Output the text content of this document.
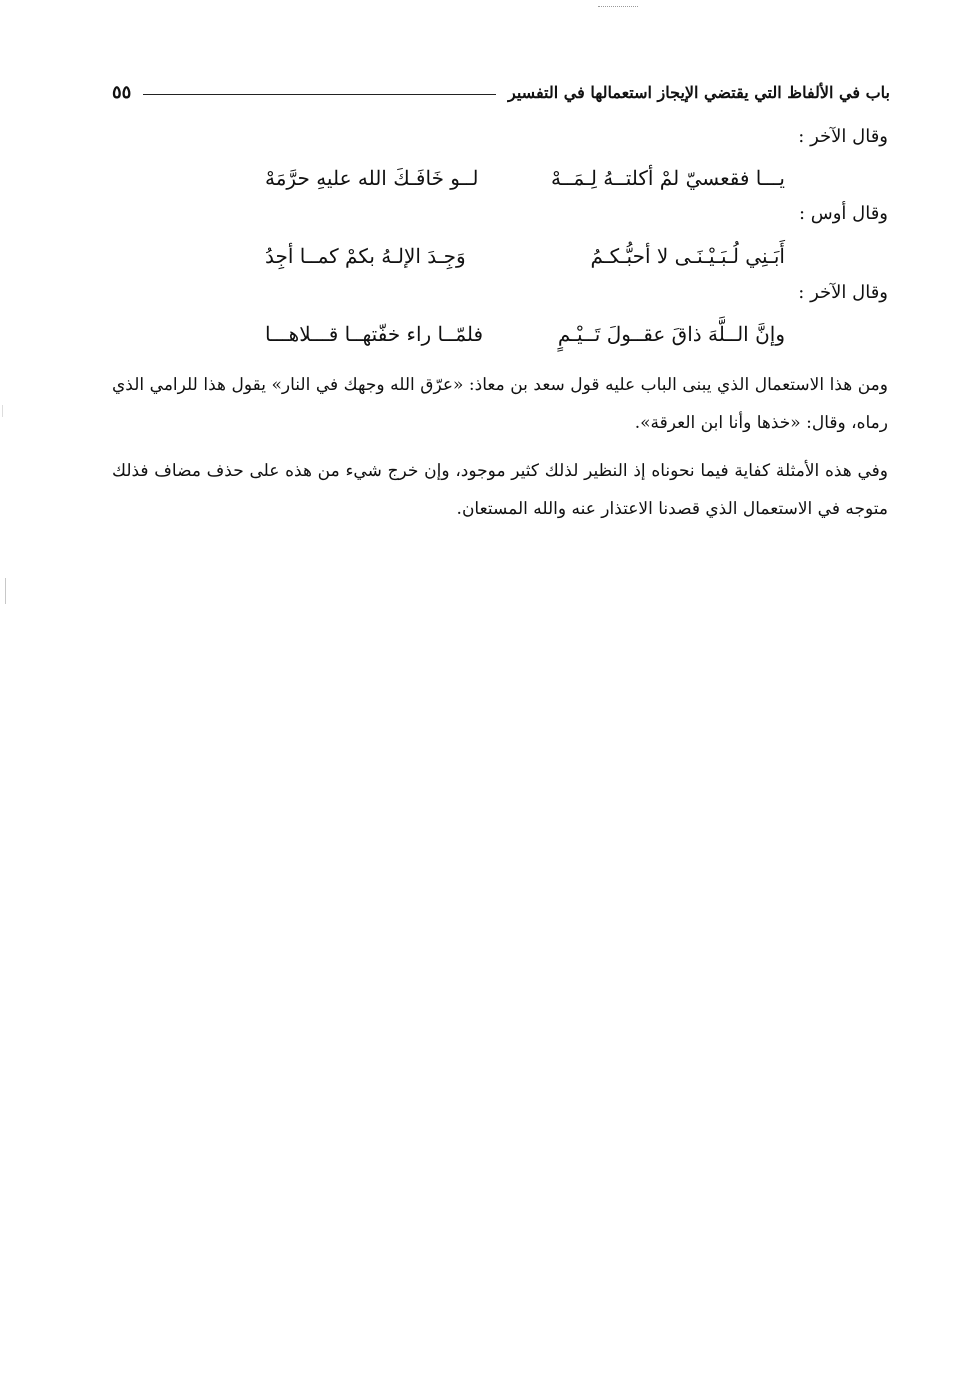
باب في الألفاظ التي يقتضي الإيجاز استعمالها في التفسير
٥٥
وقال الآخر :
يـــا فقعسيّ لمْ أكلتــهُ لِـمَــهْ
لــو خَافَـكَ الله عليهِ حرَّمَهْ
وقال أوس :
أَبَـنِي لُـبَـيْـنَـى لا أحبُّـكـمُ
وَجِـدَ الإلـهُ بكمْ كمــا أجِدُ
وقال الآخر :
وإنَّ الــلَّهَ ذاقَ عقــولَ تَــيْـمٍ
فلمّــا راء خفّتهــا قـــلاهـــا

ومن هذا الاستعمال الذي يبنى الباب عليه قول سعد بن معاذ: «عرّق الله وجهك في النار» يقول هذا للرامي الذي رماه، وقال: «خذها وأنا ابن العرقة».

وفي هذه الأمثلة كفاية فيما نحوناه إذ النظير لذلك كثير موجود، وإن خرج شيء من هذه على حذف مضاف فذلك متوجه في الاستعمال الذي قصدنا الاعتذار عنه والله المستعان.
